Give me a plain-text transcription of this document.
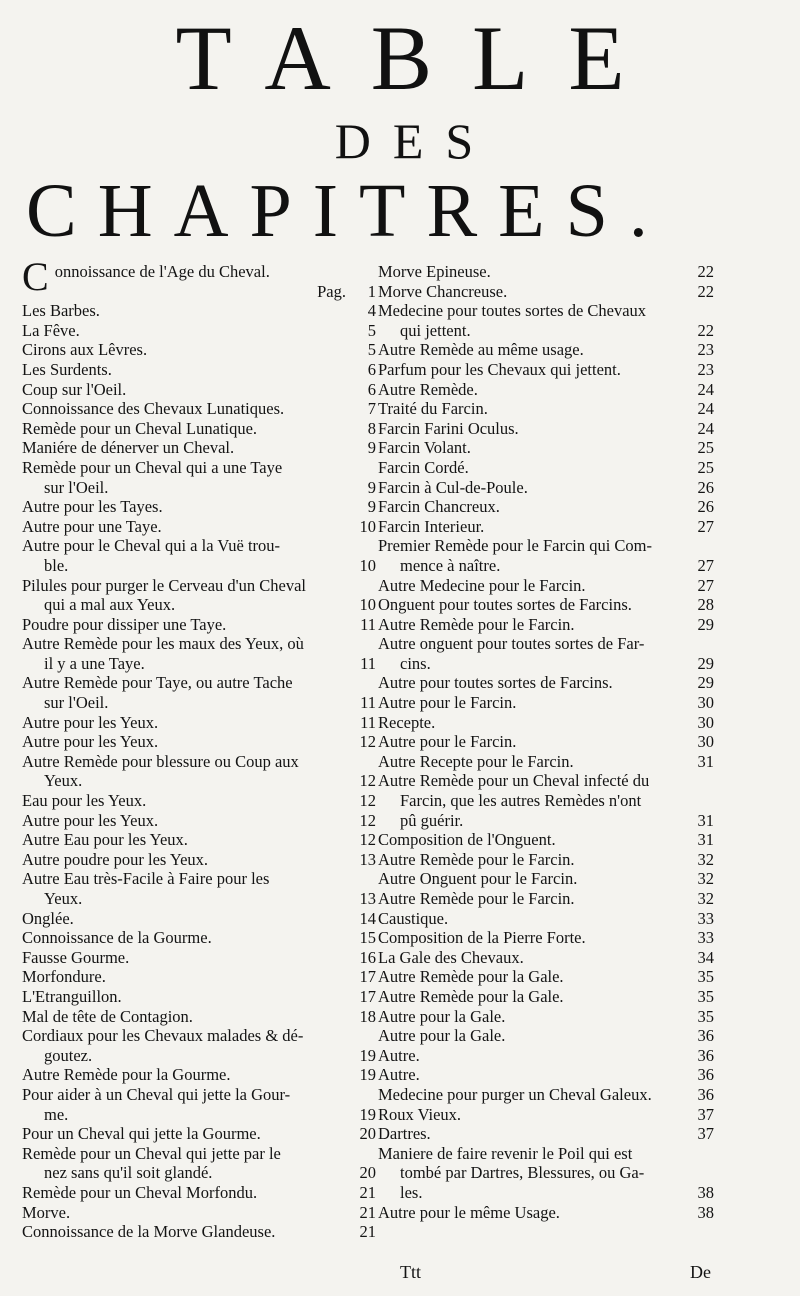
TABLE
DES
CHAPITRES.
Connoissance de l'Age du Cheval.
Pag. 1
Les Barbes.	4
La Fêve.	5
Cirons aux Lêvres.	5
Les Surdents.	6
Coup sur l'Oeil.	6
Connoissance des Chevaux Lunatiques.	7
Remède pour un Cheval Lunatique.	8
Maniére de dénerver un Cheval.	9
Remède pour un Cheval qui a une Taye
sur l'Oeil.	9
Autre pour les Tayes.	9
Autre pour une Taye.	10
Autre pour le Cheval qui a la Vuë trou-
ble.	10
Pilules pour purger le Cerveau d'un Cheval
qui a mal aux Yeux.	10
Poudre pour dissiper une Taye.	11
Autre Remède pour les maux des Yeux, où
il y a une Taye.	11
Autre Remède pour Taye, ou autre Tache
sur l'Oeil.	11
Autre pour les Yeux.	11
Autre pour les Yeux.	12
Autre Remède pour blessure ou Coup aux
Yeux.	12
Eau pour les Yeux.	12
Autre pour les Yeux.	12
Autre Eau pour les Yeux.	12
Autre poudre pour les Yeux.	13
Autre Eau très-Facile à Faire pour les
Yeux.	13
Onglée.	14
Connoissance de la Gourme.	15
Fausse Gourme.	16
Morfondure.	17
L'Etranguillon.	17
Mal de tête de Contagion.	18
Cordiaux pour les Chevaux malades & dé-
goutez.	19
Autre Remède pour la Gourme.	19
Pour aider à un Cheval qui jette la Gour-
me.	19
Pour un Cheval qui jette la Gourme.	20
Remède pour un Cheval qui jette par le
nez sans qu'il soit glandé.	20
Remède pour un Cheval Morfondu.	21
Morve.	21
Connoissance de la Morve Glandeuse.	21
Morve Epineuse.	22
Morve Chancreuse.	22
Medecine pour toutes sortes de Chevaux
qui jettent.	22
Autre Remède au même usage.	23
Parfum pour les Chevaux qui jettent.	23
Autre Remède.	24
Traité du Farcin.	24
Farcin Farini Oculus.	24
Farcin Volant.	25
Farcin Cordé.	25
Farcin à Cul-de-Poule.	26
Farcin Chancreux.	26
Farcin Interieur.	27
Premier Remède pour le Farcin qui Com-
mence à naître.	27
Autre Medecine pour le Farcin.	27
Onguent pour toutes sortes de Farcins.	28
Autre Remède pour le Farcin.	29
Autre onguent pour toutes sortes de Far-
cins.	29
Autre pour toutes sortes de Farcins.	29
Autre pour le Farcin.	30
Recepte.	30
Autre pour le Farcin.	30
Autre Recepte pour le Farcin.	31
Autre Remède pour un Cheval infecté du
Farcin, que les autres Remèdes n'ont
pû guérir.	31
Composition de l'Onguent.	31
Autre Remède pour le Farcin.	32
Autre Onguent pour le Farcin.	32
Autre Remède pour le Farcin.	32
Caustique.	33
Composition de la Pierre Forte.	33
La Gale des Chevaux.	34
Autre Remède pour la Gale.	35
Autre Remède pour la Gale.	35
Autre pour la Gale.	35
Autre pour la Gale.	36
Autre.	36
Autre.	36
Medecine pour purger un Cheval Galeux.	36
Roux Vieux.	37
Dartres.	37
Maniere de faire revenir le Poil qui est
tombé par Dartres, Blessures, ou Ga-
les.	38
Autre pour le même Usage.	38
Ttt	De
